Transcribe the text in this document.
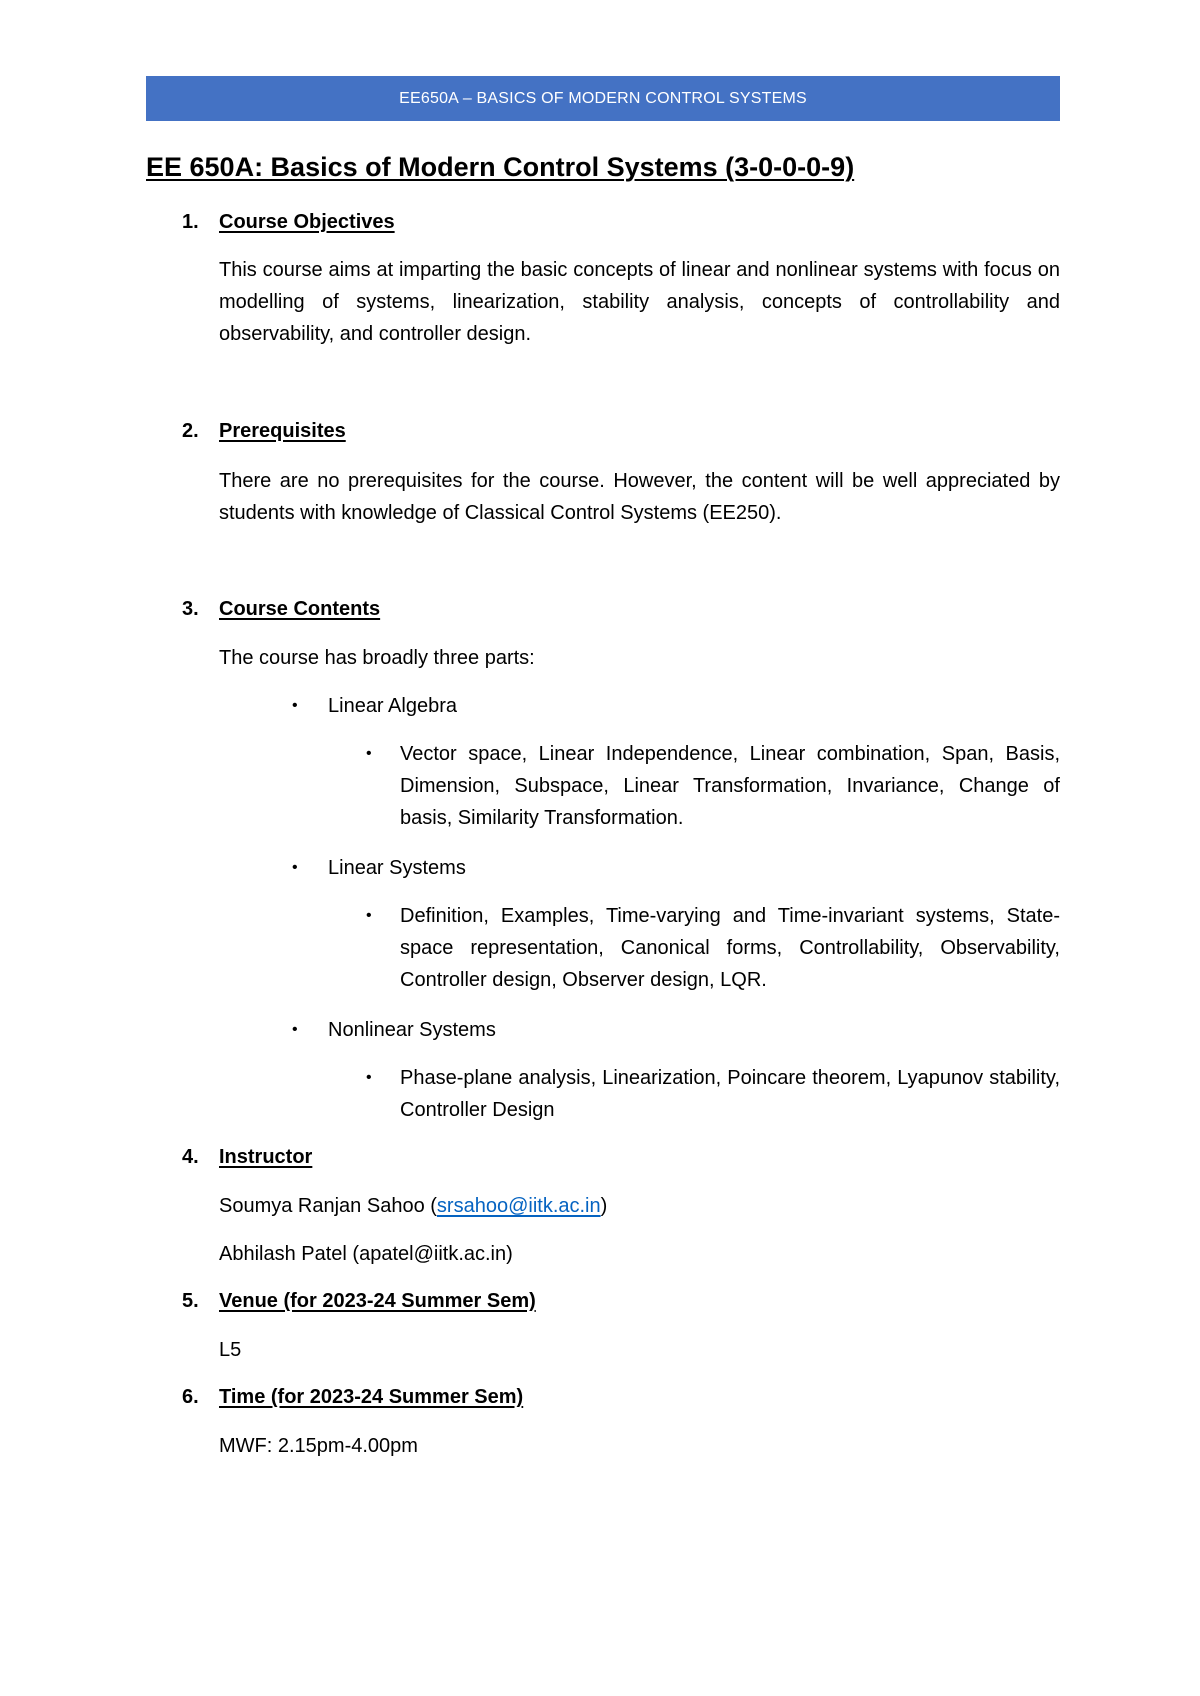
EE650A – BASICS OF MODERN CONTROL SYSTEMS
EE 650A: Basics of Modern Control Systems (3-0-0-0-9)
1. Course Objectives

This course aims at imparting the basic concepts of linear and nonlinear systems with focus on modelling of systems, linearization, stability analysis, concepts of controllability and observability, and controller design.

2. Prerequisites

There are no prerequisites for the course. However, the content will be well appreciated by students with knowledge of Classical Control Systems (EE250).

3. Course Contents
The course has broadly three parts:
• Linear Algebra
• Vector space, Linear Independence, Linear combination, Span, Basis, Dimension, Subspace, Linear Transformation, Invariance, Change of basis, Similarity Transformation.

• Linear Systems
• Definition, Examples, Time-varying and Time-invariant systems, State-space representation, Canonical forms, Controllability, Observability, Controller design, Observer design, LQR.

• Nonlinear Systems
• Phase-plane analysis, Linearization, Poincare theorem, Lyapunov stability, Controller Design

4. Instructor
Soumya Ranjan Sahoo (srsahoo@iitk.ac.in)
Abhilash Patel (apatel@iitk.ac.in)
5. Venue (for 2023-24 Summer Sem)
L5
6. Time (for 2023-24 Summer Sem)
MWF: 2.15pm-4.00pm
